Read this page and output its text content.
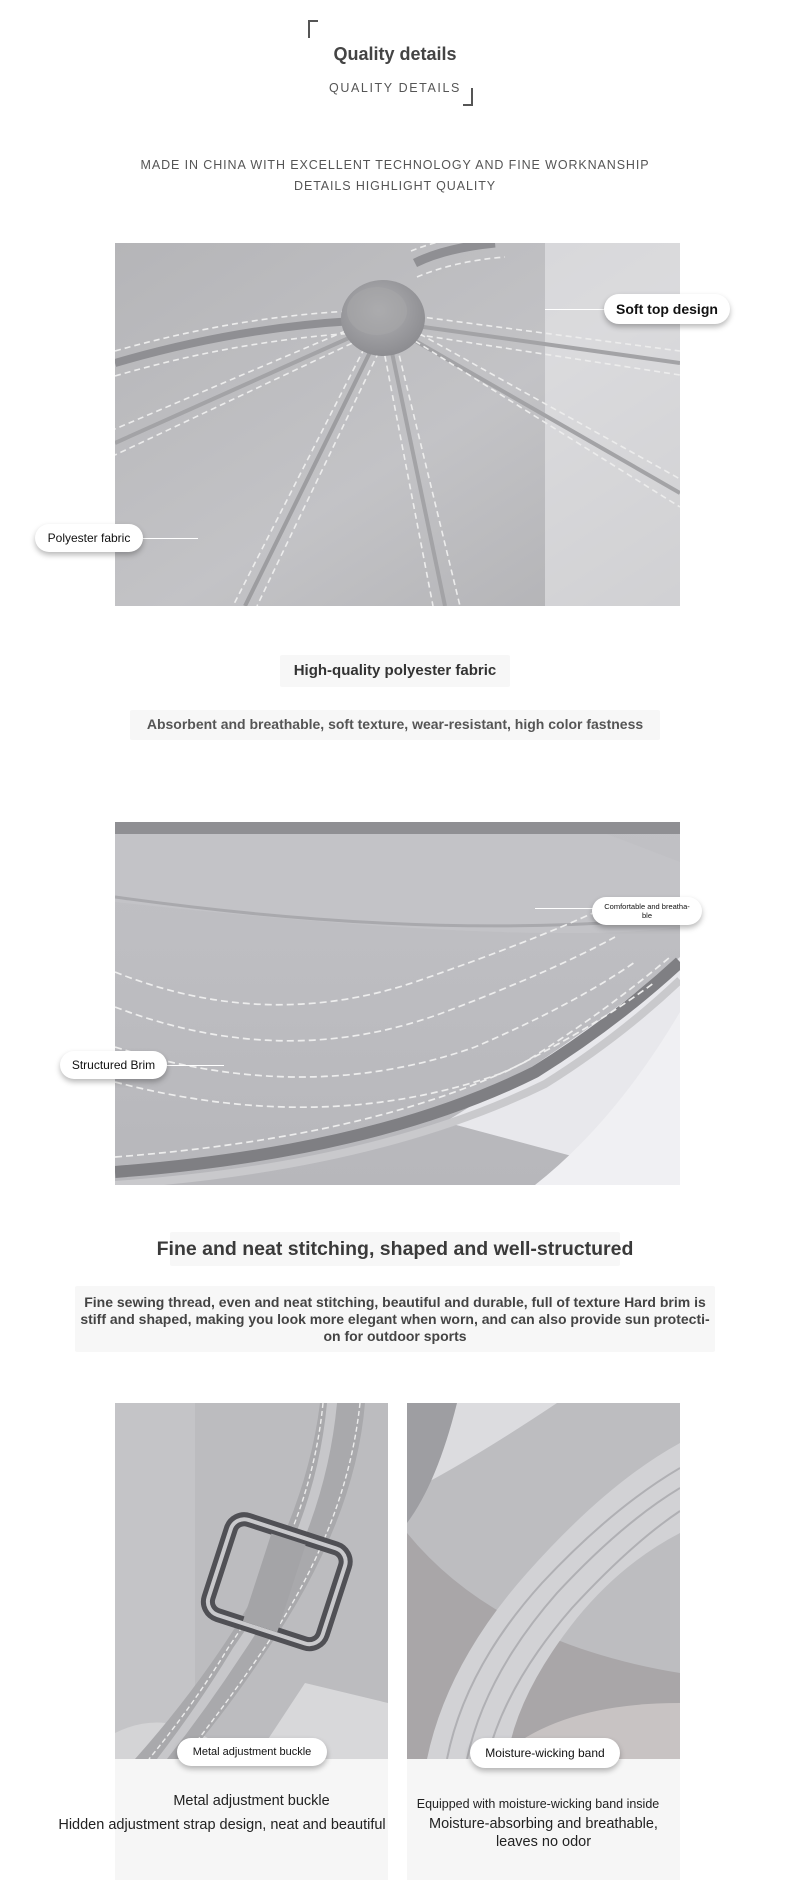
Quality details
QUALITY DETAILS
MADE IN CHINA WITH EXCELLENT TECHNOLOGY AND FINE WORKNANSHIP
DETAILS HIGHLIGHT QUALITY
Soft top design
Polyester fabric
High-quality polyester fabric
Absorbent and breathable, soft texture, wear-resistant, high color fastness
Comfortable and breatha-
ble
Structured Brim
Fine and neat stitching, shaped and well-structured
Fine sewing thread, even and neat stitching, beautiful and durable, full of texture Hard brim is
stiff and shaped, making you look more elegant when worn, and can also provide sun protecti-
on for outdoor sports
Metal adjustment buckle	Moisture-wicking band
Metal adjustment buckle
Hidden adjustment strap design, neat and beautiful
Equipped with moisture-wicking band inside
Moisture-absorbing and breathable,
leaves no odor
